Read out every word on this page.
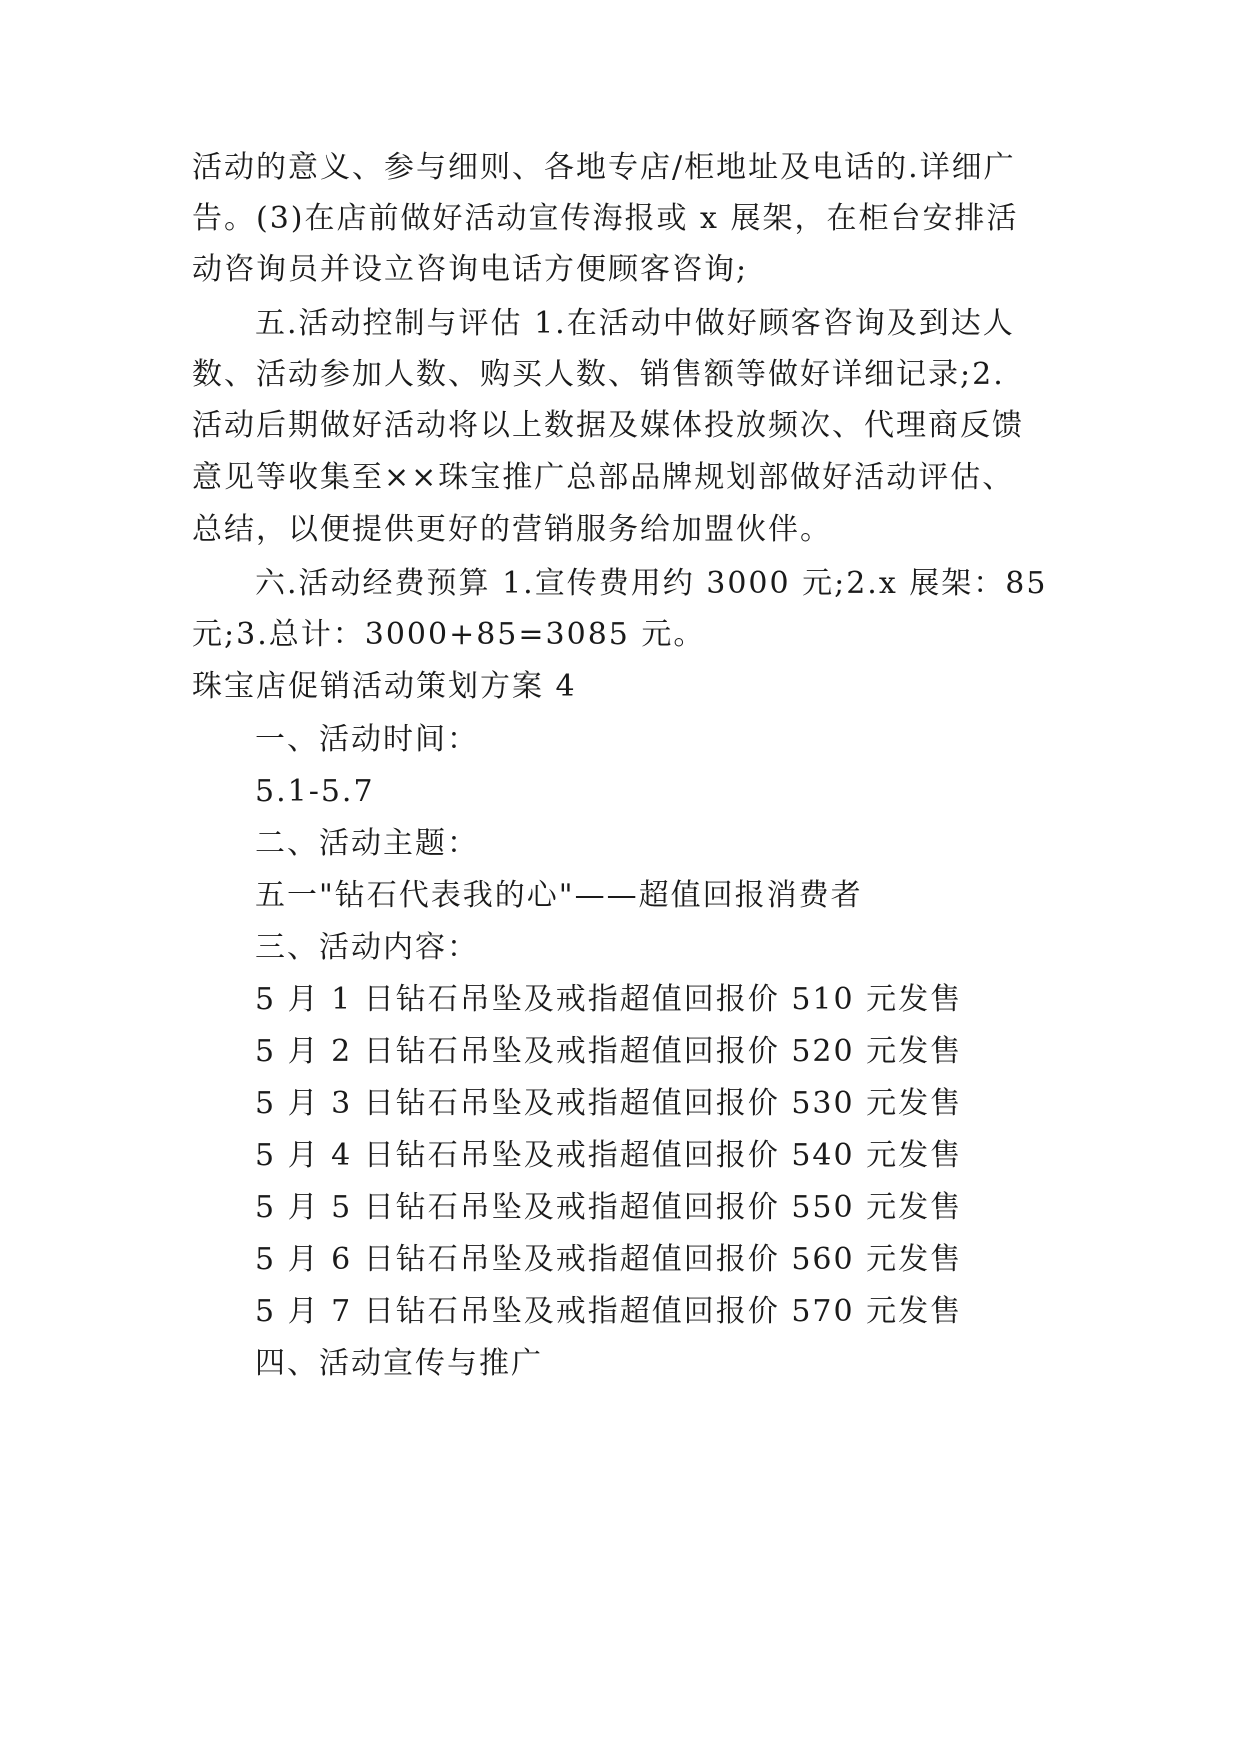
活动的意义、参与细则、各地专店/柜地址及电话的.详细广
告。(3)在店前做好活动宣传海报或 x 展架，在柜台安排活
动咨询员并设立咨询电话方便顾客咨询;
五.活动控制与评估 1.在活动中做好顾客咨询及到达人
数、活动参加人数、购买人数、销售额等做好详细记录;2.
活动后期做好活动将以上数据及媒体投放频次、代理商反馈
意见等收集至××珠宝推广总部品牌规划部做好活动评估、
总结，以便提供更好的营销服务给加盟伙伴。
六.活动经费预算 1.宣传费用约 3000 元;2.x 展架：85
元;3.总计：3000+85=3085 元。
珠宝店促销活动策划方案 4
一、活动时间：
5.1-5.7
二、活动主题：
五一"钻石代表我的心"——超值回报消费者
三、活动内容：
5 月 1 日钻石吊坠及戒指超值回报价 510 元发售
5 月 2 日钻石吊坠及戒指超值回报价 520 元发售
5 月 3 日钻石吊坠及戒指超值回报价 530 元发售
5 月 4 日钻石吊坠及戒指超值回报价 540 元发售
5 月 5 日钻石吊坠及戒指超值回报价 550 元发售
5 月 6 日钻石吊坠及戒指超值回报价 560 元发售
5 月 7 日钻石吊坠及戒指超值回报价 570 元发售
四、活动宣传与推广
